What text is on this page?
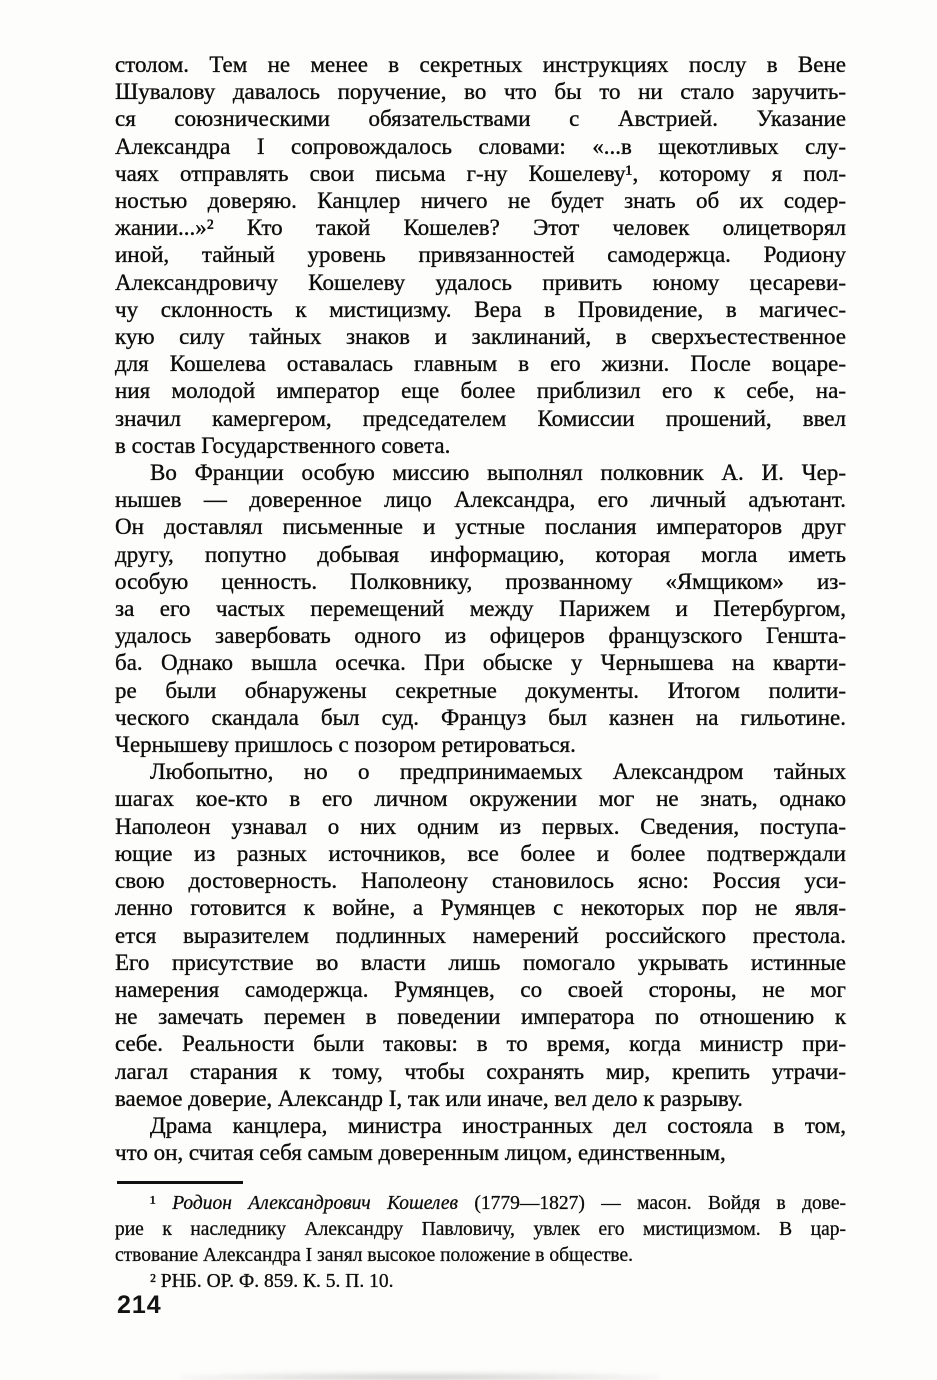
столом. Тем не менее в секретных инструкциях послу в Вене
Шувалову давалось поручение, во что бы то ни стало заручить-
ся союзническими обязательствами с Австрией. Указание
Александра I сопровождалось словами: «...в щекотливых слу-
чаях отправлять свои письма г-ну Кошелеву¹, которому я пол-
ностью доверяю. Канцлер ничего не будет знать об их содер-
жании...»² Кто такой Кошелев? Этот человек олицетворял
иной, тайный уровень привязанностей самодержца. Родиону
Александровичу Кошелеву удалось привить юному цесареви-
чу склонность к мистицизму. Вера в Провидение, в магичес-
кую силу тайных знаков и заклинаний, в сверхъестественное
для Кошелева оставалась главным в его жизни. После воцаре-
ния молодой император еще более приблизил его к себе, на-
значил камергером, председателем Комиссии прошений, ввел
в состав Государственного совета.
Во Франции особую миссию выполнял полковник А. И. Чер-
нышев — доверенное лицо Александра, его личный адъютант.
Он доставлял письменные и устные послания императоров друг
другу, попутно добывая информацию, которая могла иметь
особую ценность. Полковнику, прозванному «Ямщиком» из-
за его частых перемещений между Парижем и Петербургом,
удалось завербовать одного из офицеров французского Геншта-
ба. Однако вышла осечка. При обыске у Чернышева на кварти-
ре были обнаружены секретные документы. Итогом полити-
ческого скандала был суд. Француз был казнен на гильотине.
Чернышеву пришлось с позором ретироваться.
Любопытно, но о предпринимаемых Александром тайных
шагах кое-кто в его личном окружении мог не знать, однако
Наполеон узнавал о них одним из первых. Сведения, поступа-
ющие из разных источников, все более и более подтверждали
свою достоверность. Наполеону становилось ясно: Россия уси-
ленно готовится к войне, а Румянцев с некоторых пор не явля-
ется выразителем подлинных намерений российского престола.
Его присутствие во власти лишь помогало укрывать истинные
намерения самодержца. Румянцев, со своей стороны, не мог
не замечать перемен в поведении императора по отношению к
себе. Реальности были таковы: в то время, когда министр при-
лагал старания к тому, чтобы сохранять мир, крепить утрачи-
ваемое доверие, Александр I, так или иначе, вел дело к разрыву.
Драма канцлера, министра иностранных дел состояла в том,
что он, считая себя самым доверенным лицом, единственным,
¹ Родион Александрович Кошелев (1779—1827) — масон. Войдя в дове-
рие к наследнику Александру Павловичу, увлек его мистицизмом. В цар-
ствование Александра I занял высокое положение в обществе.
² РНБ. ОР. Ф. 859. К. 5. П. 10.
214
